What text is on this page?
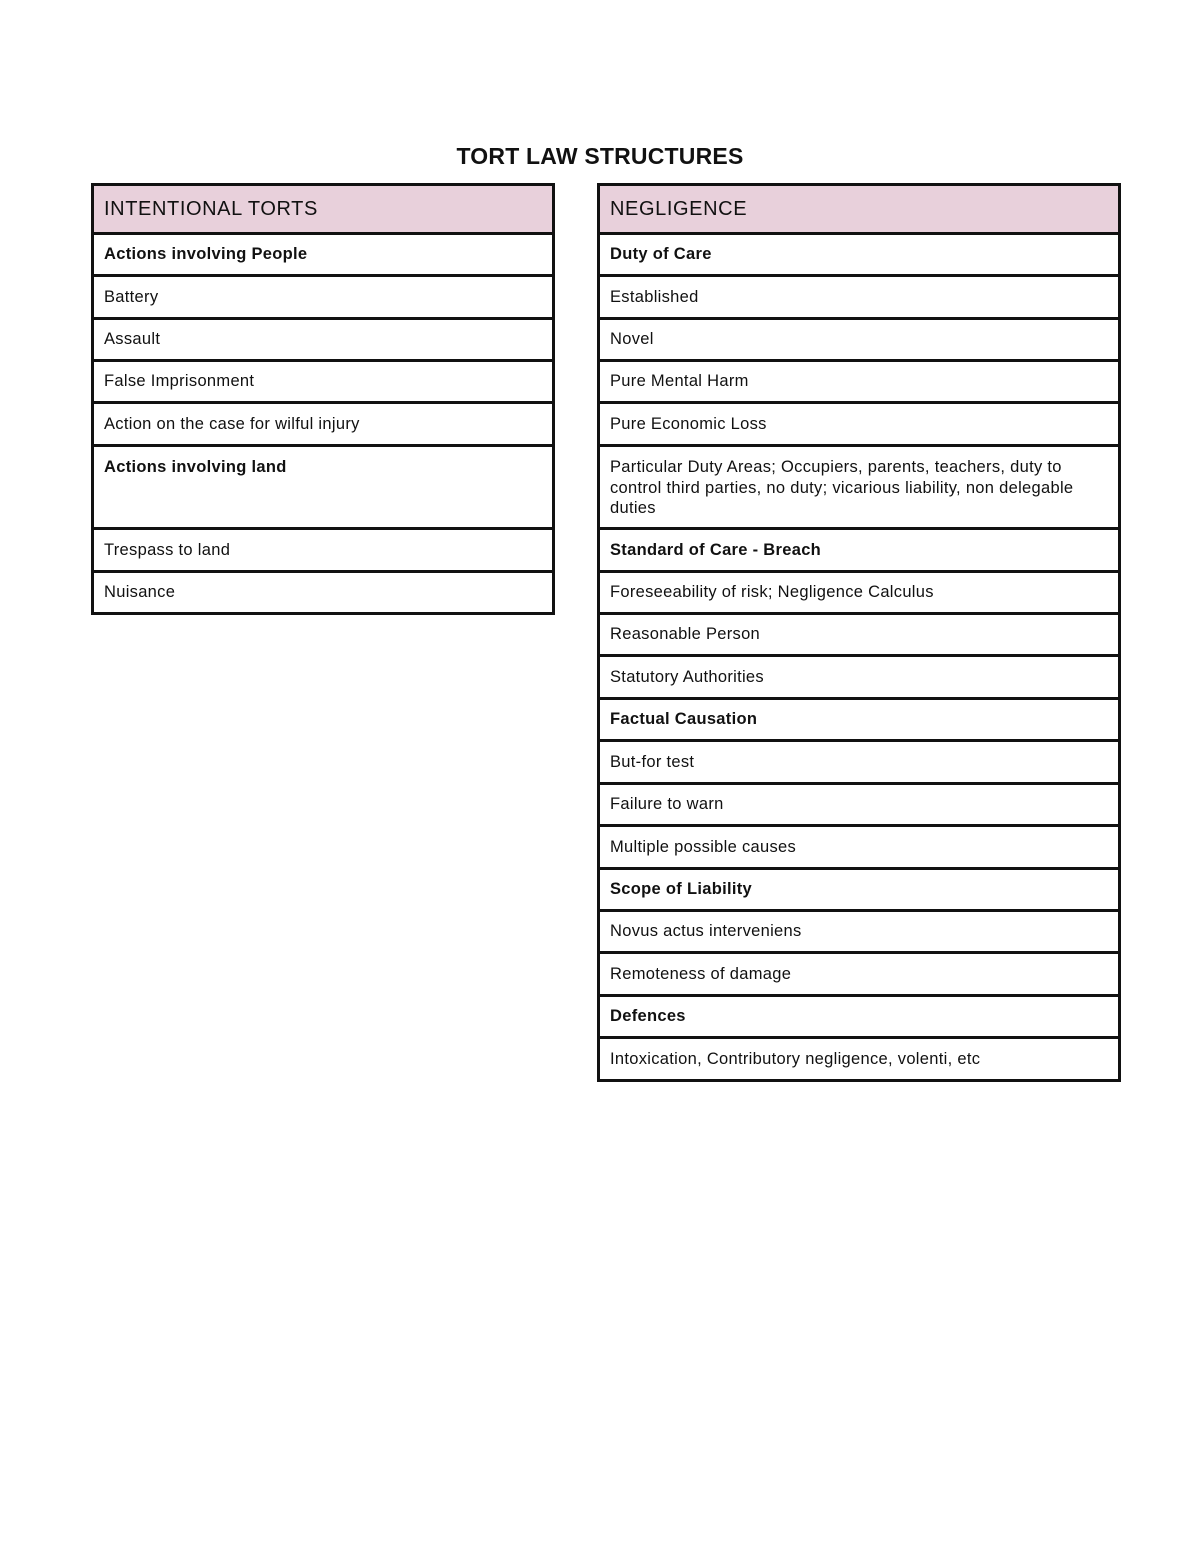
TORT LAW STRUCTURES
INTENTIONAL TORTS
Actions involving People
Battery
Assault
False Imprisonment
Action on the case for wilful injury
Actions involving land
Trespass to land
Nuisance
NEGLIGENCE
Duty of Care
Established
Novel
Pure Mental Harm
Pure Economic Loss
Particular Duty Areas; Occupiers, parents, teachers, duty to control third parties, no duty; vicarious liability, non delegable duties
Standard of Care - Breach
Foreseeability of risk; Negligence Calculus
Reasonable Person
Statutory Authorities
Factual Causation
But-for test
Failure to warn
Multiple possible causes
Scope of Liability
Novus actus interveniens
Remoteness of damage
Defences
Intoxication, Contributory negligence, volenti, etc
